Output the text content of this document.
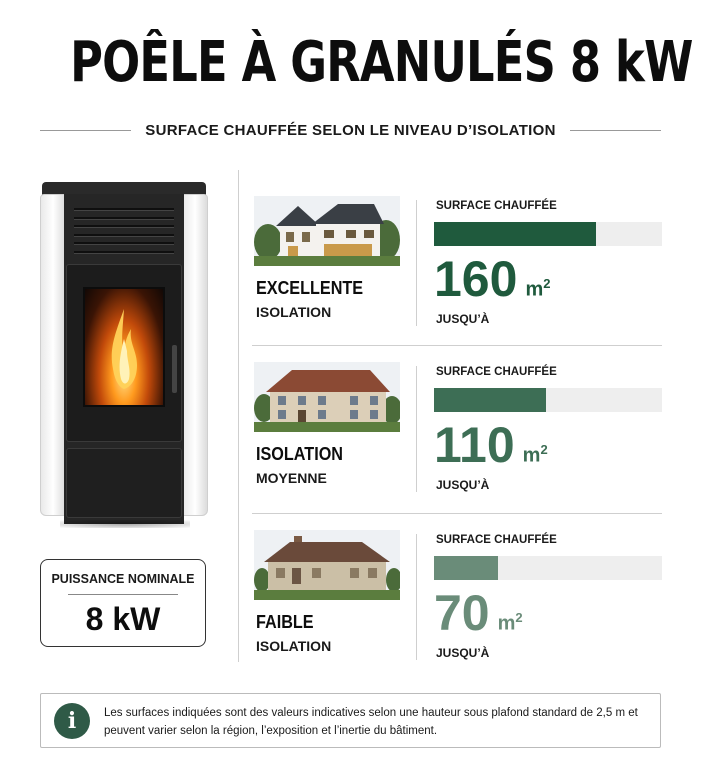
POÊLE À GRANULÉS 8 kW
SURFACE CHAUFFÉE SELON LE NIVEAU D’ISOLATION
PUISSANCE NOMINALE
8 kW
EXCELLENTE
ISOLATION
SURFACE CHAUFFÉE
160 $m^2$
JUSQU’À
ISOLATION
MOYENNE
SURFACE CHAUFFÉE
110 $m^2$
JUSQU’À
FAIBLE
ISOLATION
SURFACE CHAUFFÉE
70 $m^2$
JUSQU’À
i	Les surfaces indiquées sont des valeurs indicatives selon une hauteur sous plafond standard de 2,5 m et peuvent varier selon la région, l’exposition et l’inertie du bâtiment.
